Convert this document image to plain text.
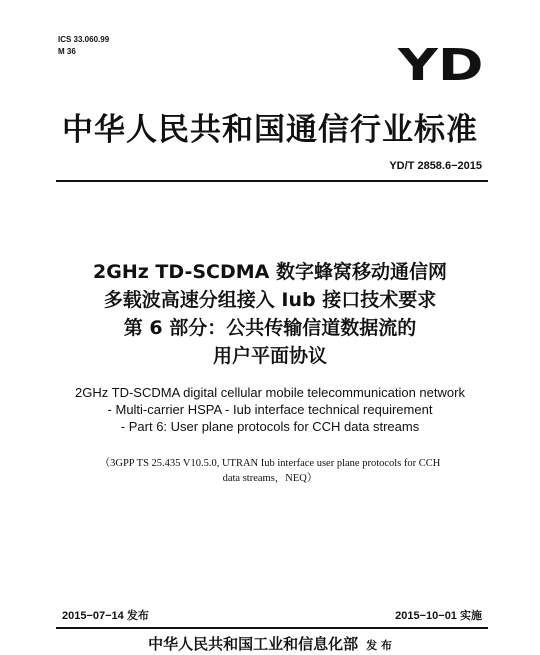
ICS 33.060.99
M 36	YD
中华人民共和国通信行业标准
YD/T 2858.6−2015
2GHz TD-SCDMA 数字蜂窝移动通信网
多载波高速分组接入 Iub 接口技术要求
第 6 部分：公共传输信道数据流的
用户平面协议
2GHz TD-SCDMA digital cellular mobile telecommunication network
- Multi-carrier HSPA - Iub interface technical requirement
- Part 6: User plane protocols for CCH data streams
（3GPP TS 25.435 V10.5.0, UTRAN Iub interface user plane protocols for CCH
data streams，NEQ）
2015−07−14 发布	2015−10−01 实施
中华人民共和国工业和信息化部 发 布
